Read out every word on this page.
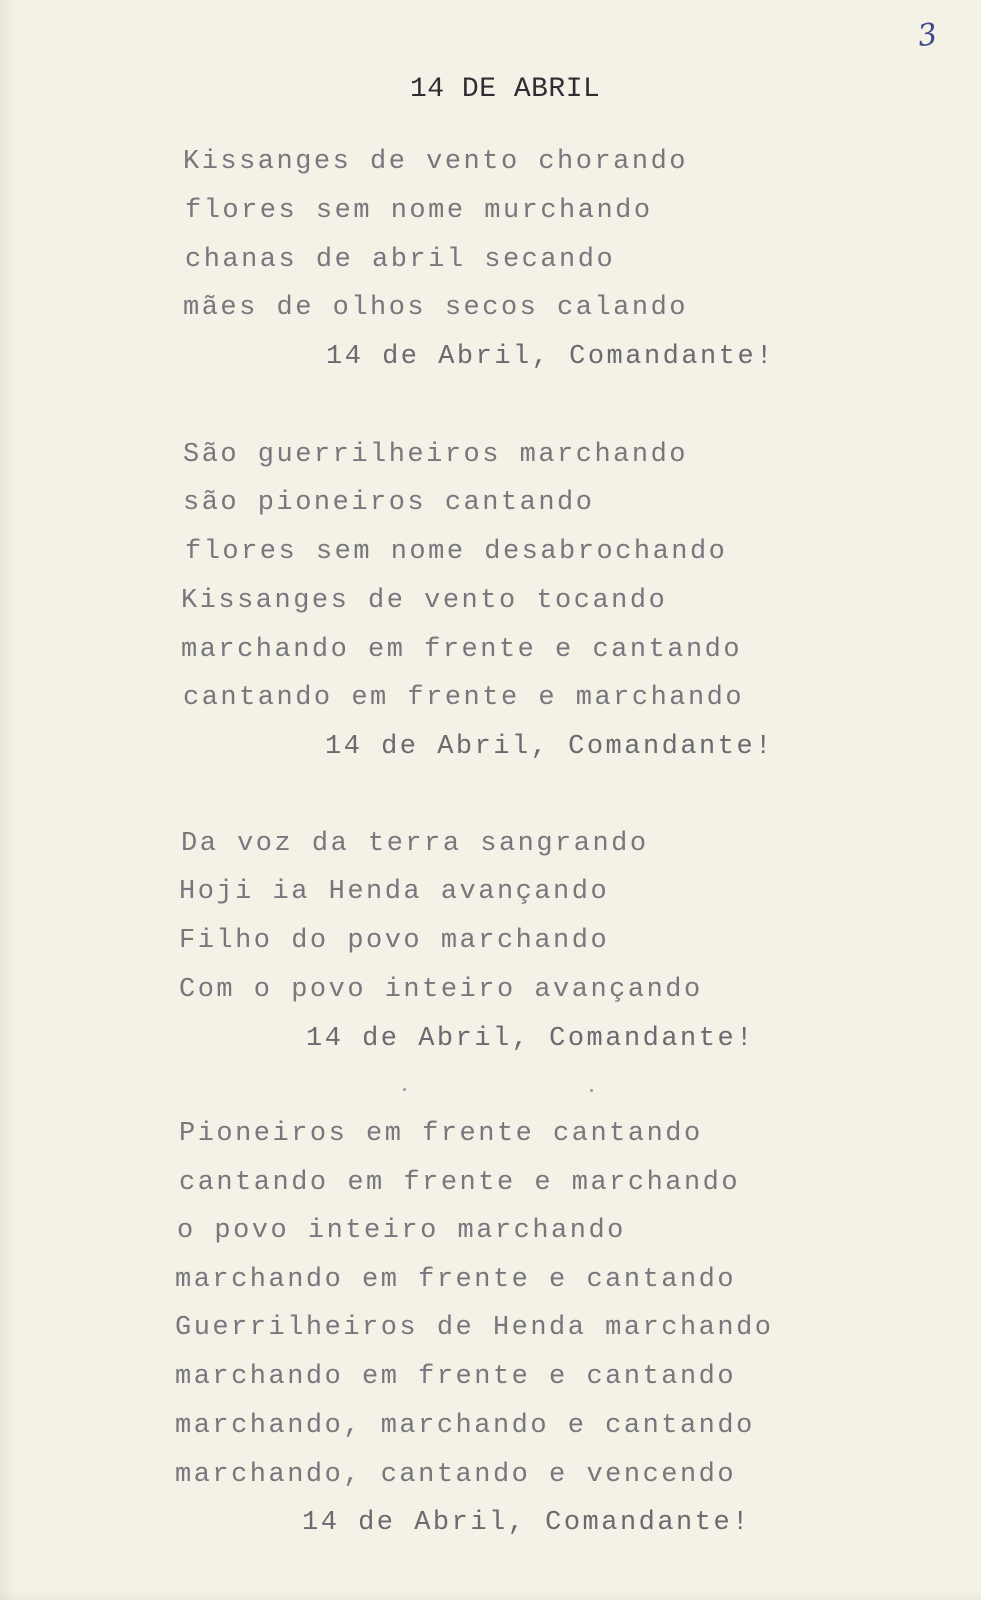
3
14 DE ABRIL
Kissanges de vento chorando
flores sem nome murchando
chanas de abril secando
mães de olhos secos calando
14 de Abril, Comandante!
São guerrilheiros marchando
são pioneiros cantando
flores sem nome desabrochando
Kissanges de vento tocando
marchando em frente e cantando
cantando em frente e marchando
14 de Abril, Comandante!
Da voz da terra sangrando
Hoji ia Henda avançando
Filho do povo marchando
Com o povo inteiro avançando
14 de Abril, Comandante!
Pioneiros em frente cantando
cantando em frente e marchando
o povo inteiro marchando
marchando em frente e cantando
Guerrilheiros de Henda marchando
marchando em frente e cantando
marchando, marchando e cantando
marchando, cantando e vencendo
14 de Abril, Comandante!
